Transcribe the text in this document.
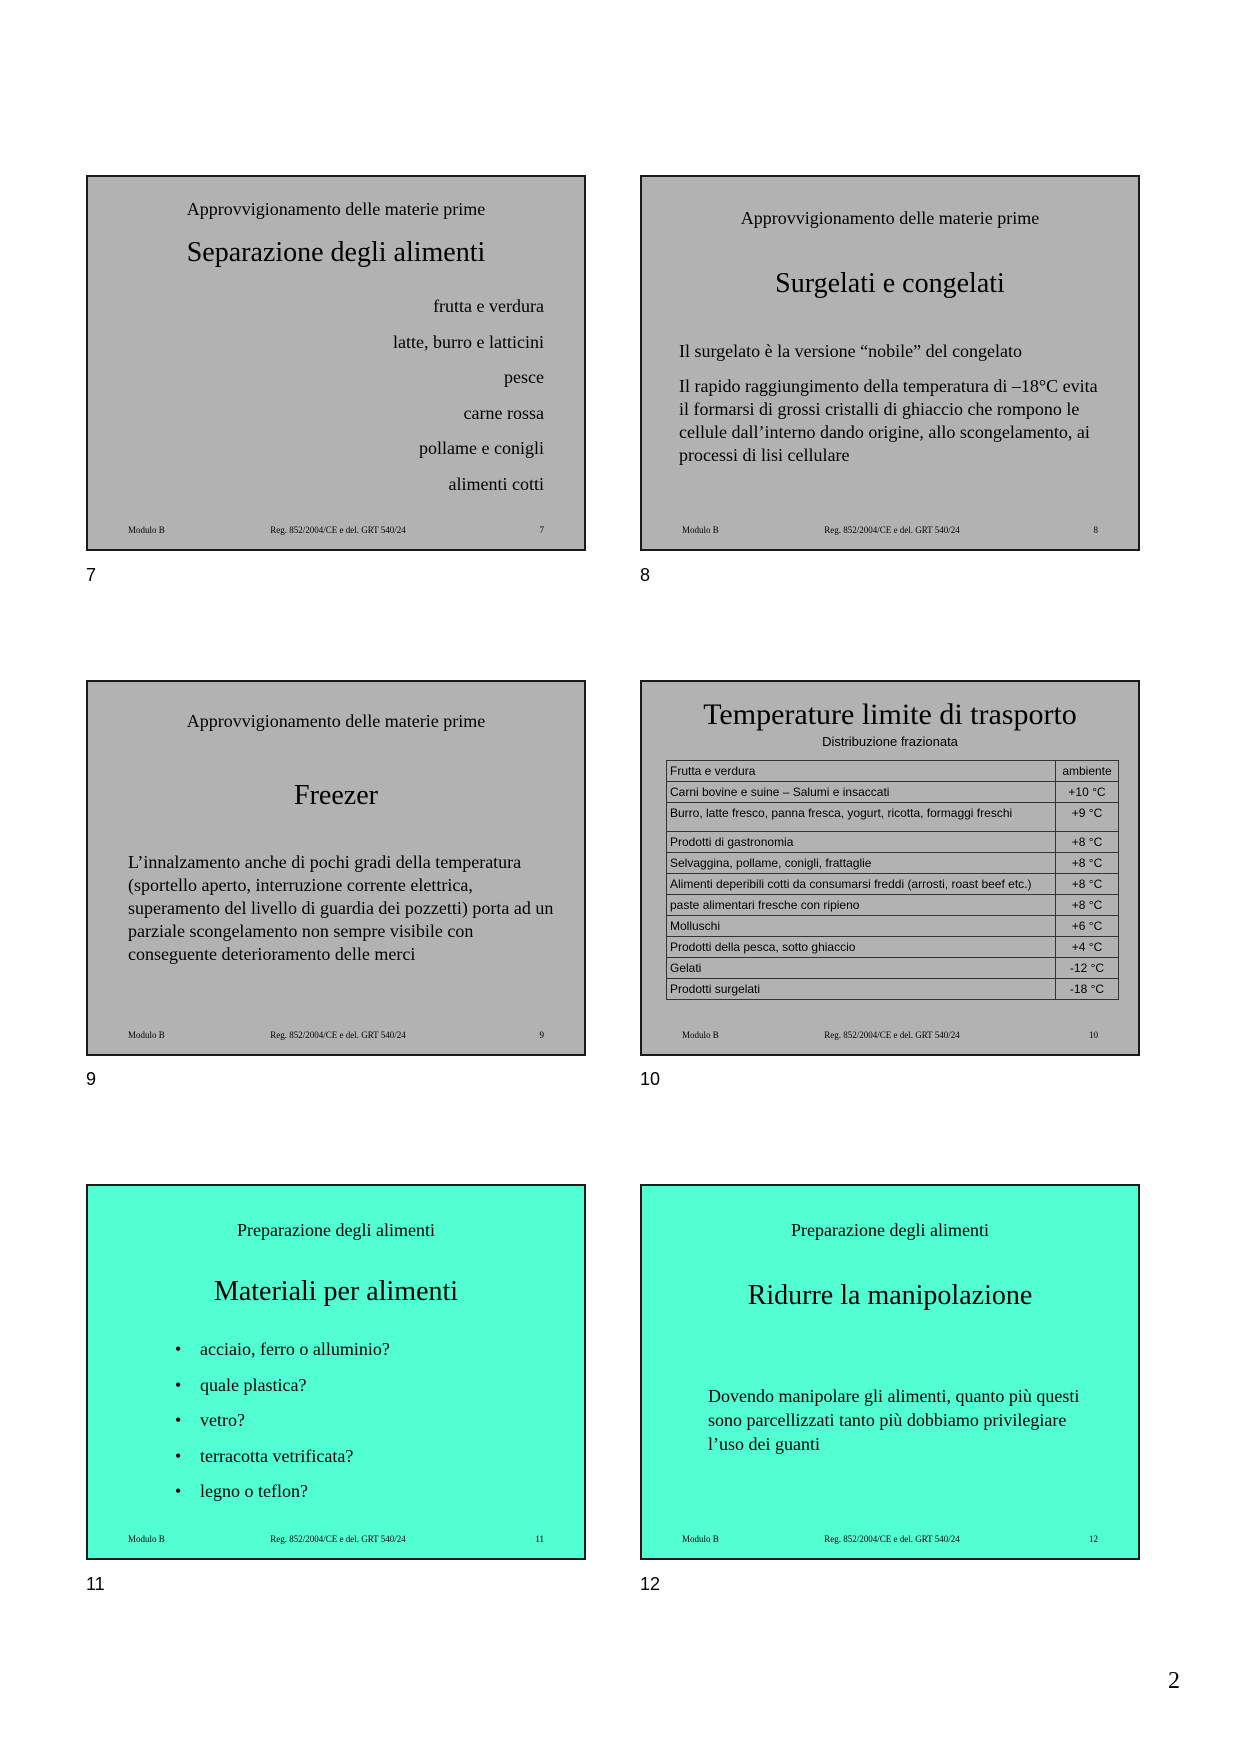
Approvvigionamento delle materie prime
Separazione degli alimenti
frutta e verdura
latte, burro e latticini
pesce
carne rossa
pollame e conigli
alimenti cotti
Modulo B	Reg. 852/2004/CE e del. GRT 540/24	7
7
Approvvigionamento delle materie prime
Surgelati e congelati
Il surgelato è la versione “nobile” del congelato
Il rapido raggiungimento della temperatura di –18°C evita il formarsi di grossi cristalli di ghiaccio che rompono le cellule dall’interno dando origine, allo scongelamento, ai processi di lisi cellulare
Modulo B	Reg. 852/2004/CE e del. GRT 540/24	8
8
Approvvigionamento delle materie prime
Freezer
L’innalzamento anche di pochi gradi della temperatura (sportello aperto, interruzione corrente elettrica, superamento del livello di guardia dei pozzetti) porta ad un parziale scongelamento non sempre visibile con conseguente deterioramento delle merci
Modulo B	Reg. 852/2004/CE e del. GRT 540/24	9
9
Temperature limite di trasporto
Distribuzione frazionata
Frutta e verdura	ambiente
Carni bovine e suine – Salumi e insaccati	+10 °C
Burro, latte fresco, panna fresca, yogurt, ricotta, formaggi freschi	+9 °C
Prodotti di gastronomia	+8 °C
Selvaggina, pollame, conigli, frattaglie	+8 °C
Alimenti deperibili cotti da consumarsi freddi (arrosti, roast beef etc.)	+8 °C
paste alimentari fresche con ripieno	+8 °C
Molluschi	+6 °C
Prodotti della pesca, sotto ghiaccio	+4 °C
Gelati	-12 °C
Prodotti surgelati	-18 °C
Modulo B	Reg. 852/2004/CE e del. GRT 540/24	10
10
Preparazione degli alimenti
Materiali per alimenti
• acciaio, ferro o alluminio?
• quale plastica?
• vetro?
• terracotta vetrificata?
• legno o teflon?
Modulo B	Reg. 852/2004/CE e del. GRT 540/24	11
11
Preparazione degli alimenti
Ridurre la manipolazione
Dovendo manipolare gli alimenti, quanto più questi sono parcellizzati tanto più dobbiamo privilegiare l’uso dei guanti
Modulo B	Reg. 852/2004/CE e del. GRT 540/24	12
12
2
